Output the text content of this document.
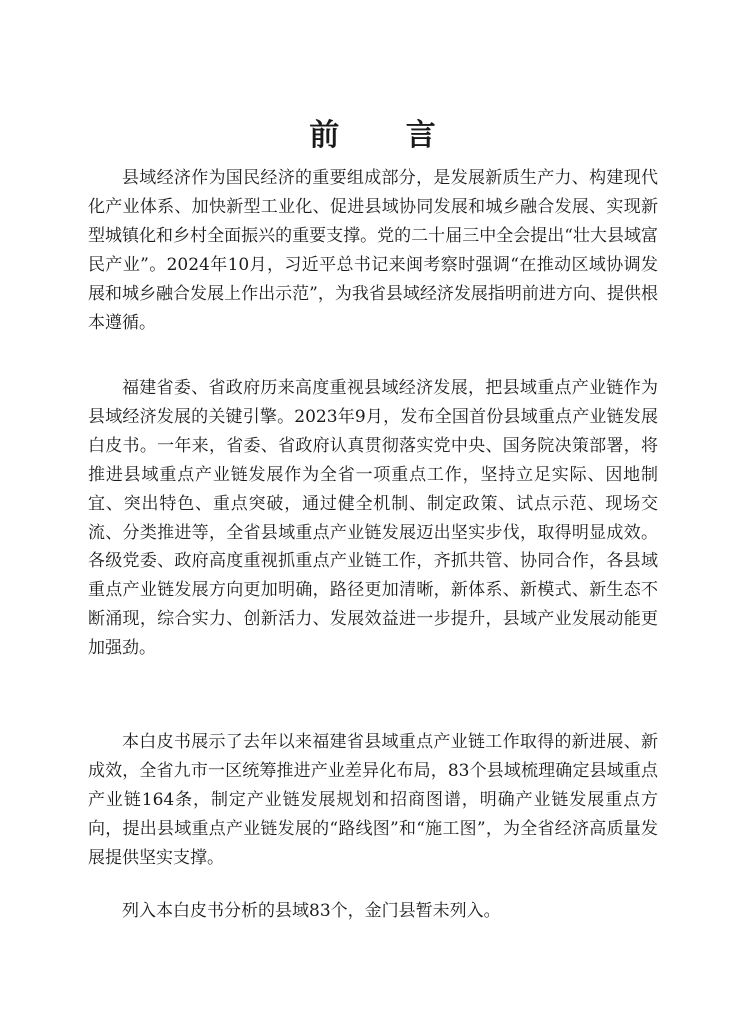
前 言

县域经济作为国民经济的重要组成部分，是发展新质生产力、构建现代化产业体系、加快新型工业化、促进县域协同发展和城乡融合发展、实现新型城镇化和乡村全面振兴的重要支撑。党的二十届三中全会提出“壮大县域富民产业”。2024年10月，习近平总书记来闽考察时强调“在推动区域协调发展和城乡融合发展上作出示范”，为我省县域经济发展指明前进方向、提供根本遵循。

福建省委、省政府历来高度重视县域经济发展，把县域重点产业链作为县域经济发展的关键引擎。2023年9月，发布全国首份县域重点产业链发展白皮书。一年来，省委、省政府认真贯彻落实党中央、国务院决策部署，将推进县域重点产业链发展作为全省一项重点工作，坚持立足实际、因地制宜、突出特色、重点突破，通过健全机制、制定政策、试点示范、现场交流、分类推进等，全省县域重点产业链发展迈出坚实步伐，取得明显成效。各级党委、政府高度重视抓重点产业链工作，齐抓共管、协同合作，各县域重点产业链发展方向更加明确，路径更加清晰，新体系、新模式、新生态不断涌现，综合实力、创新活力、发展效益进一步提升，县域产业发展动能更加强劲。

本白皮书展示了去年以来福建省县域重点产业链工作取得的新进展、新成效，全省九市一区统筹推进产业差异化布局，83个县域梳理确定县域重点产业链164条，制定产业链发展规划和招商图谱，明确产业链发展重点方向，提出县域重点产业链发展的“路线图”和“施工图”，为全省经济高质量发展提供坚实支撑。

列入本白皮书分析的县域83个，金门县暂未列入。
